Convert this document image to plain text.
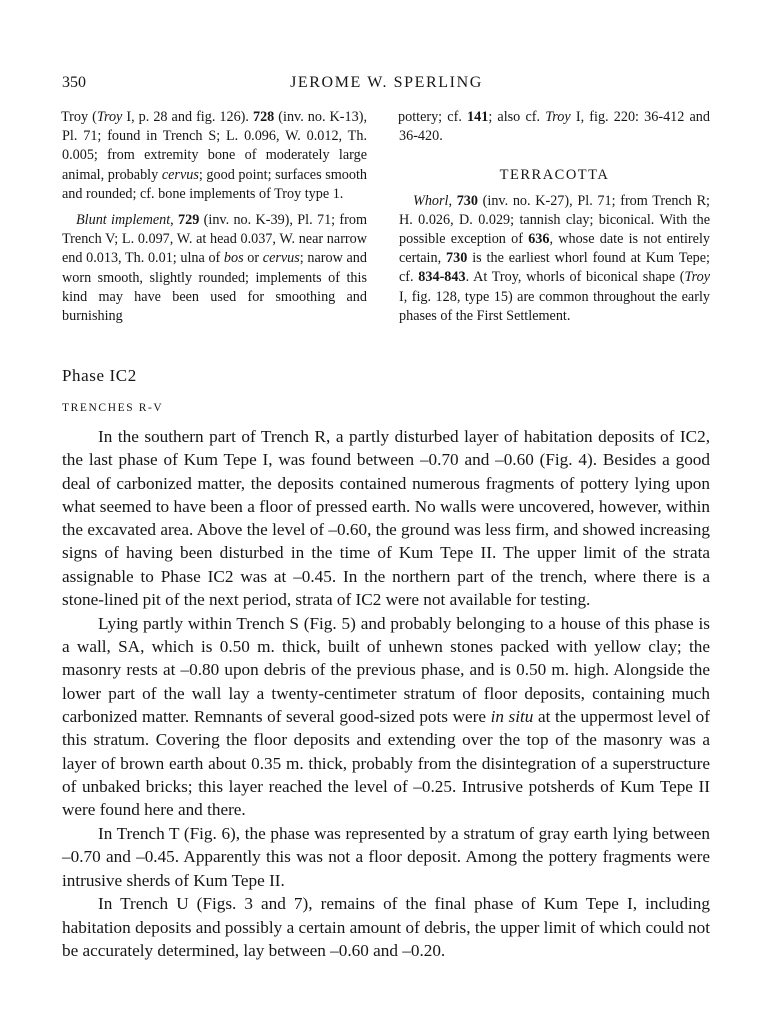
350	JEROME W. SPERLING

Troy (Troy I, p. 28 and fig. 126). 728 (inv. no. K-13), Pl. 71; found in Trench S; L. 0.096, W. 0.012, Th. 0.005; from extremity bone of moderately large animal, probably cervus; good point; surfaces smooth and rounded; cf. bone implements of Troy type 1.

Blunt implement, 729 (inv. no. K-39), Pl. 71; from Trench V; L. 0.097, W. at head 0.037, W. near narrow end 0.013, Th. 0.01; ulna of bos or cervus; narow and worn smooth, slightly rounded; implements of this kind may have been used for smoothing and burnishing

pottery; cf. 141; also cf. Troy I, fig. 220: 36-412 and 36-420.

TERRACOTTA

Whorl, 730 (inv. no. K-27), Pl. 71; from Trench R; H. 0.026, D. 0.029; tannish clay; biconical. With the possible exception of 636, whose date is not entirely certain, 730 is the earliest whorl found at Kum Tepe; cf. 834-843. At Troy, whorls of biconical shape (Troy I, fig. 128, type 15) are common throughout the early phases of the First Settlement.

Phase IC2
TRENCHES R-V

In the southern part of Trench R, a partly disturbed layer of habitation deposits of IC2, the last phase of Kum Tepe I, was found between –0.70 and –0.60 (Fig. 4). Besides a good deal of carbonized matter, the deposits contained numerous fragments of pottery lying upon what seemed to have been a floor of pressed earth. No walls were uncovered, however, within the excavated area. Above the level of –0.60, the ground was less firm, and showed increasing signs of having been disturbed in the time of Kum Tepe II. The upper limit of the strata assignable to Phase IC2 was at –0.45. In the northern part of the trench, where there is a stone-lined pit of the next period, strata of IC2 were not available for testing.

Lying partly within Trench S (Fig. 5) and probably belonging to a house of this phase is a wall, SA, which is 0.50 m. thick, built of unhewn stones packed with yellow clay; the masonry rests at –0.80 upon debris of the previous phase, and is 0.50 m. high. Alongside the lower part of the wall lay a twenty-centimeter stratum of floor deposits, containing much carbonized matter. Remnants of several good-sized pots were in situ at the uppermost level of this stratum. Covering the floor deposits and extending over the top of the masonry was a layer of brown earth about 0.35 m. thick, probably from the disintegration of a superstructure of unbaked bricks; this layer reached the level of –0.25. Intrusive potsherds of Kum Tepe II were found here and there.

In Trench T (Fig. 6), the phase was represented by a stratum of gray earth lying between –0.70 and –0.45. Apparently this was not a floor deposit. Among the pottery fragments were intrusive sherds of Kum Tepe II.

In Trench U (Figs. 3 and 7), remains of the final phase of Kum Tepe I, including habitation deposits and possibly a certain amount of debris, the upper limit of which could not be accurately determined, lay between –0.60 and –0.20.
